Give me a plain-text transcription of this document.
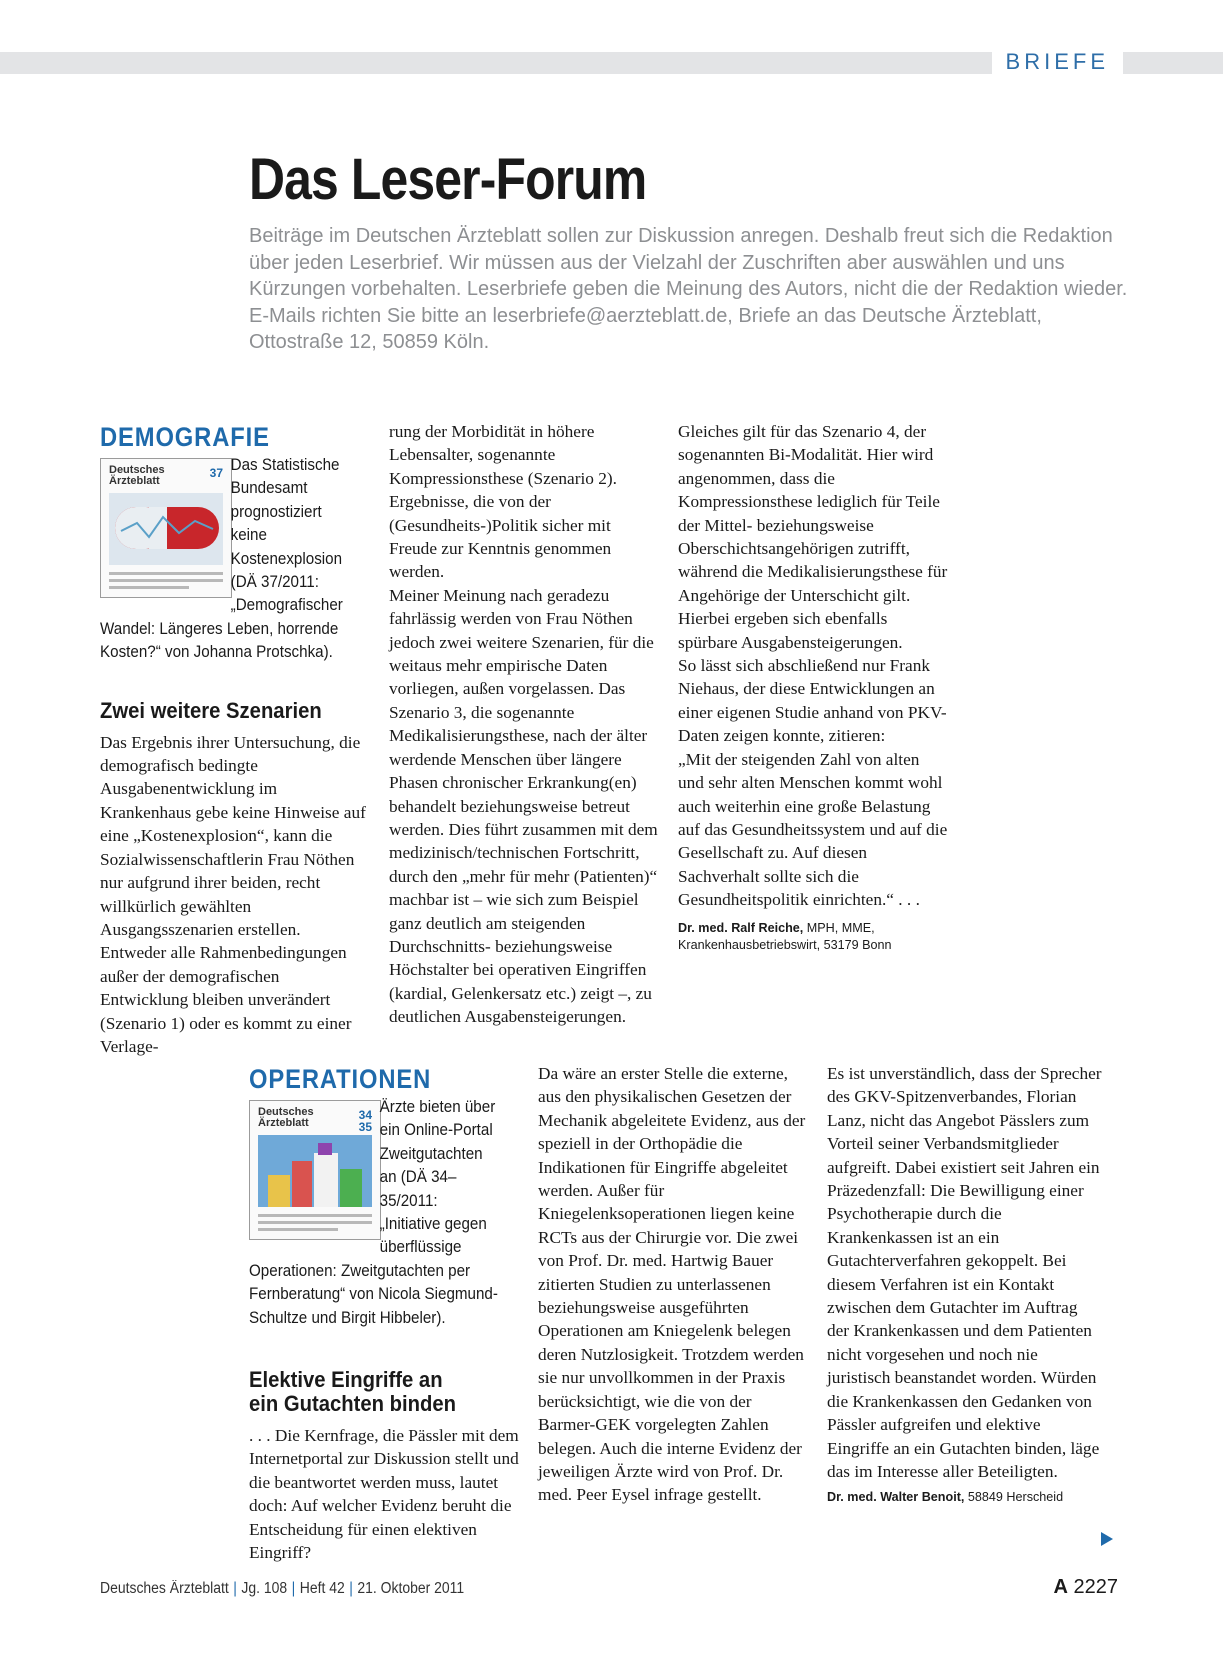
BRIEFE
Das Leser-Forum

Beiträge im Deutschen Ärzteblatt sollen zur Diskussion anregen. Deshalb freut sich die Redaktion über jeden Leserbrief. Wir müssen aus der Vielzahl der Zuschriften aber auswählen und uns Kürzungen vorbehalten. Leserbriefe geben die Meinung des Autors, nicht die der Redaktion wieder. E-Mails richten Sie bitte an leserbriefe@aerzteblatt.de, Briefe an das Deutsche Ärzteblatt, Ottostraße 12, 50859 Köln.

DEMOGRAFIE
Deutsches Ärzteblatt
37 Das Statistische Bundesamt prognostiziert keine Kostenexplosion (DÄ 37/2011: „Demografischer Wandel: Längeres Leben, horrende Kosten?“ von Johanna Protschka).
Zwei weitere Szenarien

Das Ergebnis ihrer Untersuchung, die demografisch bedingte Ausgabenentwicklung im Krankenhaus gebe keine Hinweise auf eine „Kostenexplosion“, kann die Sozialwissenschaftlerin Frau Nöthen nur aufgrund ihrer beiden, recht willkürlich gewählten Ausgangsszenarien erstellen.

Entweder alle Rahmenbedingungen außer der demografischen Entwicklung bleiben unverändert (Szenario 1) oder es kommt zu einer Verlage-

rung der Morbidität in höhere Lebensalter, sogenannte Kompressionsthese (Szenario 2).

Ergebnisse, die von der (Gesundheits-)Politik sicher mit Freude zur Kenntnis genommen werden.

Meiner Meinung nach geradezu fahrlässig werden von Frau Nöthen jedoch zwei weitere Szenarien, für die weitaus mehr empirische Daten vorliegen, außen vorgelassen. Das Szenario 3, die sogenannte Medikalisierungsthese, nach der älter werdende Menschen über längere Phasen chronischer Erkrankung(en) behandelt beziehungsweise betreut werden. Dies führt zusammen mit dem medizinisch/technischen Fortschritt, durch den „mehr für mehr (Patienten)“ machbar ist – wie sich zum Beispiel ganz deutlich am steigenden Durchschnitts- beziehungsweise Höchstalter bei operativen Eingriffen (kardial, Gelenkersatz etc.) zeigt –, zu deutlichen Ausgabensteigerungen.

Gleiches gilt für das Szenario 4, der sogenannten Bi-Modalität. Hier wird angenommen, dass die Kompressionsthese lediglich für Teile der Mittel- beziehungsweise Oberschichtsangehörigen zutrifft, während die Medikalisierungsthese für Angehörige der Unterschicht gilt. Hierbei ergeben sich ebenfalls spürbare Ausgabensteigerungen.

So lässt sich abschließend nur Frank Niehaus, der diese Entwicklungen an einer eigenen Studie anhand von PKV-Daten zeigen konnte, zitieren:

„Mit der steigenden Zahl von alten und sehr alten Menschen kommt wohl auch weiterhin eine große Belastung auf das Gesundheitssystem und auf die Gesellschaft zu. Auf diesen Sachverhalt sollte sich die Gesundheitspolitik einrichten.“ . . .

Dr. med. Ralf Reiche, MPH, MME,
Krankenhausbetriebswirt, 53179 Bonn
OPERATIONEN
Deutsches Ärzteblatt
34 35
Ärzte bieten über ein Online-Portal Zweitgutachten an (DÄ 34–35/2011: „Initiative gegen überflüssige Operationen: Zweitgutachten per Fernberatung“ von Nicola Siegmund-Schultze und Birgit Hibbeler).
Elektive Eingriffe an
ein Gutachten binden

. . . Die Kernfrage, die Pässler mit dem Internetportal zur Diskussion stellt und die beantwortet werden muss, lautet doch: Auf welcher Evidenz beruht die Entscheidung für einen elektiven Eingriff?

Da wäre an erster Stelle die externe, aus den physikalischen Gesetzen der Mechanik abgeleitete Evidenz, aus der speziell in der Orthopädie die Indikationen für Eingriffe abgeleitet werden. Außer für Kniegelenksoperationen liegen keine RCTs aus der Chirurgie vor. Die zwei von Prof. Dr. med. Hartwig Bauer zitierten Studien zu unterlassenen beziehungsweise ausgeführten Operationen am Kniegelenk belegen deren Nutzlosigkeit. Trotzdem werden sie nur unvollkommen in der Praxis berücksichtigt, wie die von der Barmer-GEK vorgelegten Zahlen belegen. Auch die interne Evidenz der jeweiligen Ärzte wird von Prof. Dr. med. Peer Eysel infrage gestellt.

Es ist unverständlich, dass der Sprecher des GKV-Spitzenverbandes, Florian Lanz, nicht das Angebot Pässlers zum Vorteil seiner Verbandsmitglieder aufgreift. Dabei existiert seit Jahren ein Präzedenzfall: Die Bewilligung einer Psychotherapie durch die Krankenkassen ist an ein Gutachterverfahren gekoppelt. Bei diesem Verfahren ist ein Kontakt zwischen dem Gutachter im Auftrag der Krankenkassen und dem Patienten nicht vorgesehen und noch nie juristisch beanstandet worden. Würden die Krankenkassen den Gedanken von Pässler aufgreifen und elektive Eingriffe an ein Gutachten binden, läge das im Interesse aller Beteiligten.

Dr. med. Walter Benoit, 58849 Herscheid
Deutsches Ärzteblatt | Jg. 108 | Heft 42 | 21. Oktober 2011	A 2227
